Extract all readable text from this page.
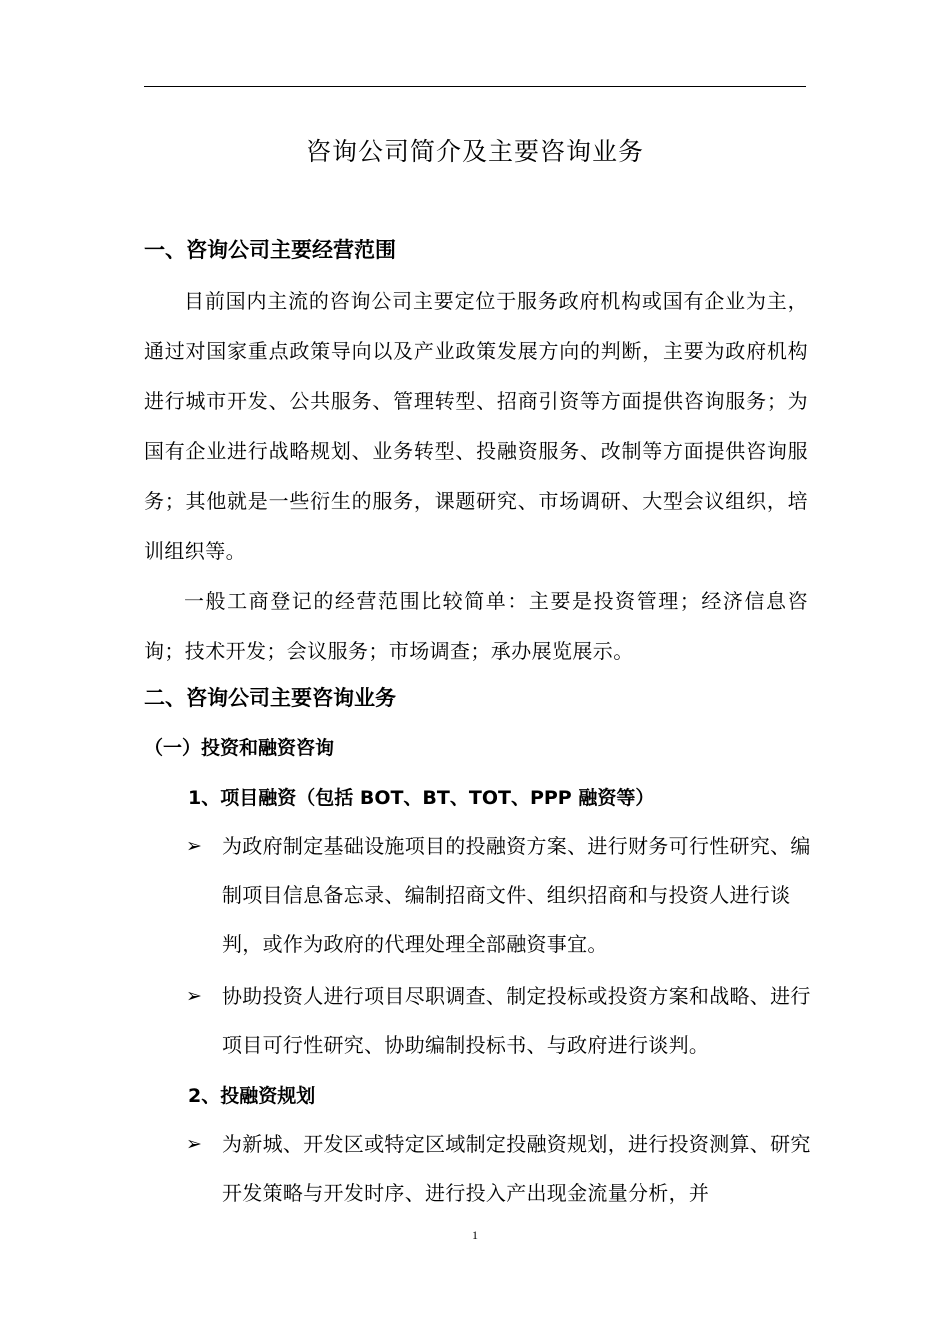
咨询公司简介及主要咨询业务
一、咨询公司主要经营范围
目前国内主流的咨询公司主要定位于服务政府机构或国有企业为主，通过对国家重点政策导向以及产业政策发展方向的判断，主要为政府机构进行城市开发、公共服务、管理转型、招商引资等方面提供咨询服务；为国有企业进行战略规划、业务转型、投融资服务、改制等方面提供咨询服务；其他就是一些衍生的服务，课题研究、市场调研、大型会议组织，培训组织等。
一般工商登记的经营范围比较简单：主要是投资管理；经济信息咨询；技术开发；会议服务；市场调查；承办展览展示。
二、咨询公司主要咨询业务
（一）投资和融资咨询
1、项目融资（包括 BOT、BT、TOT、PPP 融资等）
➢ 为政府制定基础设施项目的投融资方案、进行财务可行性研究、编制项目信息备忘录、编制招商文件、组织招商和与投资人进行谈判，或作为政府的代理处理全部融资事宜。
➢ 协助投资人进行项目尽职调查、制定投标或投资方案和战略、进行项目可行性研究、协助编制投标书、与政府进行谈判。
2、投融资规划
➢ 为新城、开发区或特定区域制定投融资规划，进行投资测算、研究开发策略与开发时序、进行投入产出现金流量分析，并
1
